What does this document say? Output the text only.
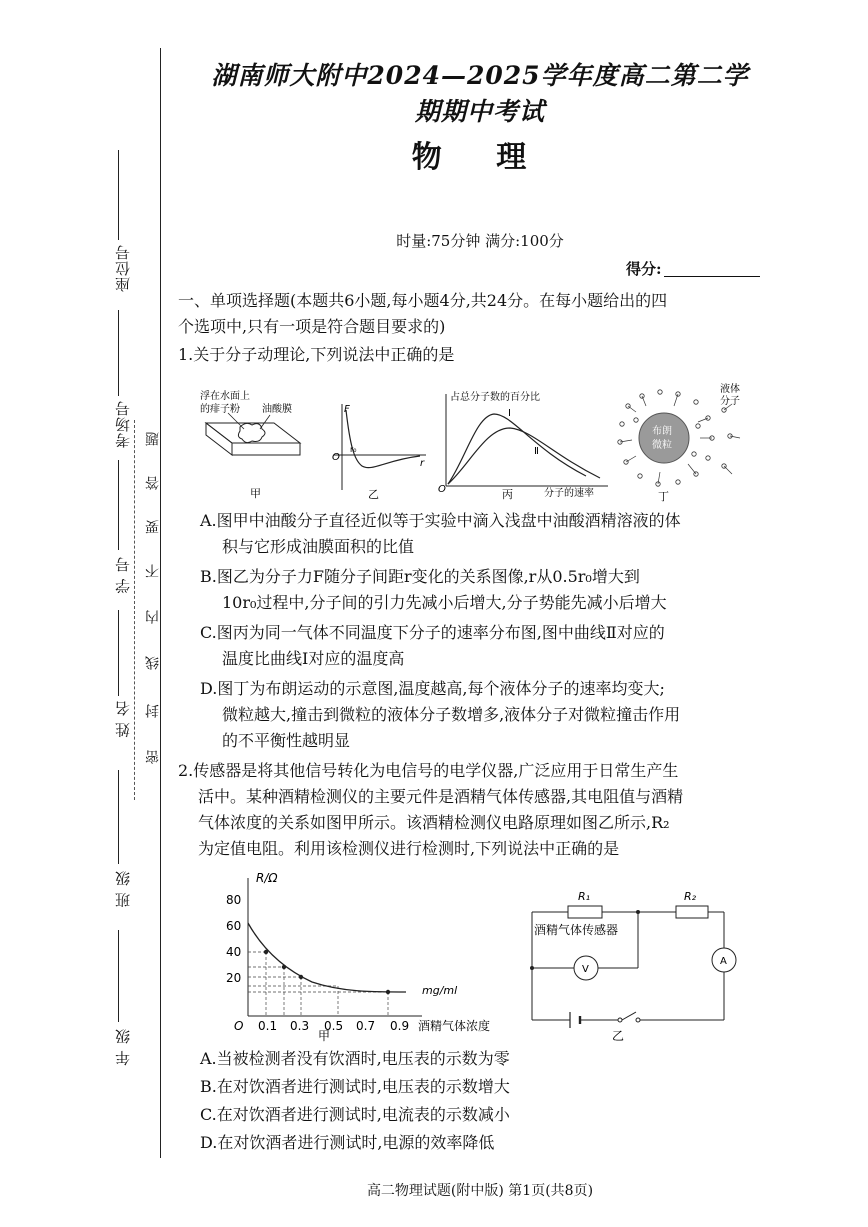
座位号
考场号
学 号
姓 名
班 级
年 级
题
答
要
不
内
线
封
密
湖南师大附中2024—2025学年度高二第二学期期中考试
物 理
时量:75分钟 满分:100分
得分:
一、单项选择题(本题共6小题,每小题4分,共24分。在每小题给出的四
个选项中,只有一项是符合题目要求的)
1.关于分子动理论,下列说法中正确的是
浮在水面上
的痱子粉 油酸膜
甲
F
O
r₀
r
乙
占总分子数的百分比
Ⅰ
Ⅱ
O	分子的速率
丙
布朗
微粒
液体
分子
丁
A.图甲中油酸分子直径近似等于实验中滴入浅盘中油酸酒精溶液的体
积与它形成油膜面积的比值
B.图乙为分子力F随分子间距r变化的关系图像,r从0.5r₀增大到
10r₀过程中,分子间的引力先减小后增大,分子势能先减小后增大
C.图丙为同一气体不同温度下分子的速率分布图,图中曲线Ⅱ对应的
温度比曲线Ⅰ对应的温度高
D.图丁为布朗运动的示意图,温度越高,每个液体分子的速率均变大;
微粒越大,撞击到微粒的液体分子数增多,液体分子对微粒撞击作用
的不平衡性越明显
2.传感器是将其他信号转化为电信号的电学仪器,广泛应用于日常生产生
活中。某种酒精检测仪的主要元件是酒精气体传感器,其电阻值与酒精
气体浓度的关系如图甲所示。该酒精检测仪电路原理如图乙所示,R₂
为定值电阻。利用该检测仪进行检测时,下列说法中正确的是
R/Ω
80
60
40
20
0.1 0.3 0.5 0.7 0.9
O
mg/ml
酒精气体浓度
甲
R₁	R₂
酒精气体传感器
V
A
乙
A.当被检测者没有饮酒时,电压表的示数为零
B.在对饮酒者进行测试时,电压表的示数增大
C.在对饮酒者进行测试时,电流表的示数减小
D.在对饮酒者进行测试时,电源的效率降低
高二物理试题(附中版) 第1页(共8页)
